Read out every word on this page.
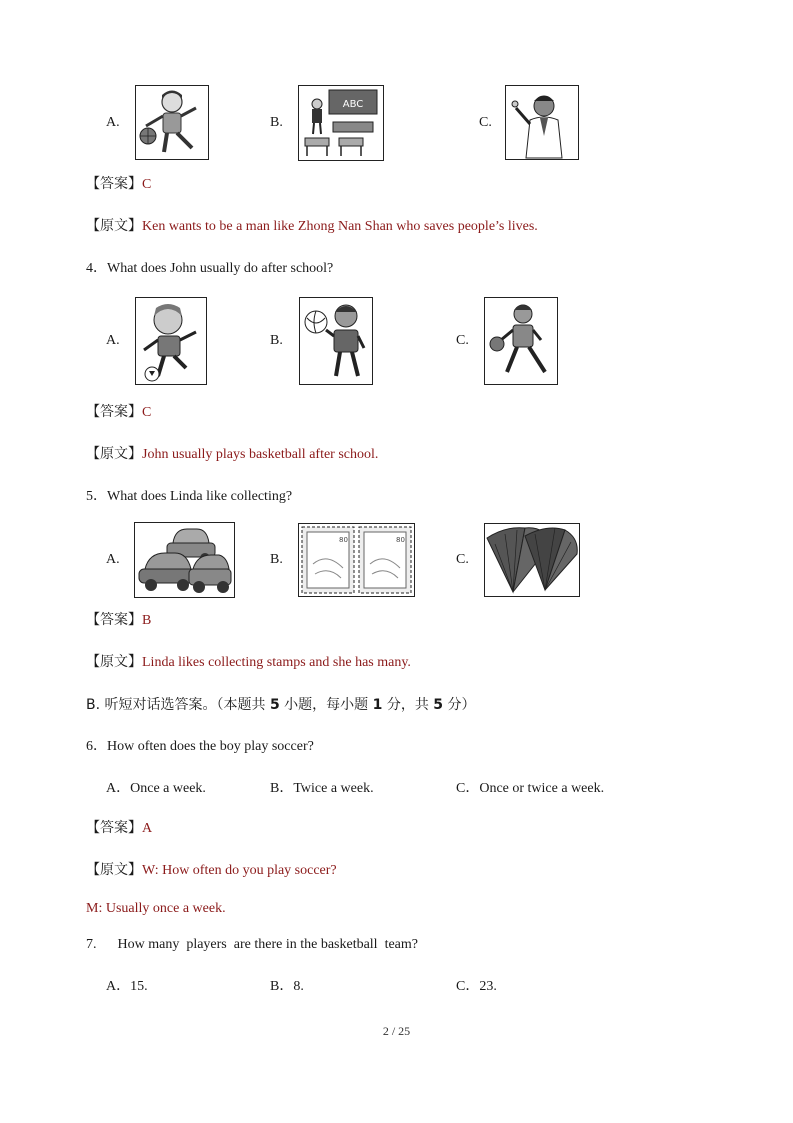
A.	B.
ABC
C.
【答案】C
【原文】Ken wants to be a man like Zhong Nan Shan who saves people’s lives.
4．What does John usually do after school?
A.	B.	C.
【答案】C
【原文】John usually plays basketball after school.
5．What does Linda like collecting?
A.	B.
80	80
C.
【答案】B
【原文】Linda likes collecting stamps and she has many.
B. 听短对话选答案。（本题共 5 小题，每小题 1 分，共 5 分）
6．How often does the boy play soccer?
A．Once a week.	B．Twice a week.	C．Once or twice a week.
【答案】A
【原文】W: How often do you play soccer?
M: Usually once a week.
7.      How many  players  are there in the basketball  team?
A．15.	B．8.	C．23.
2 / 25
